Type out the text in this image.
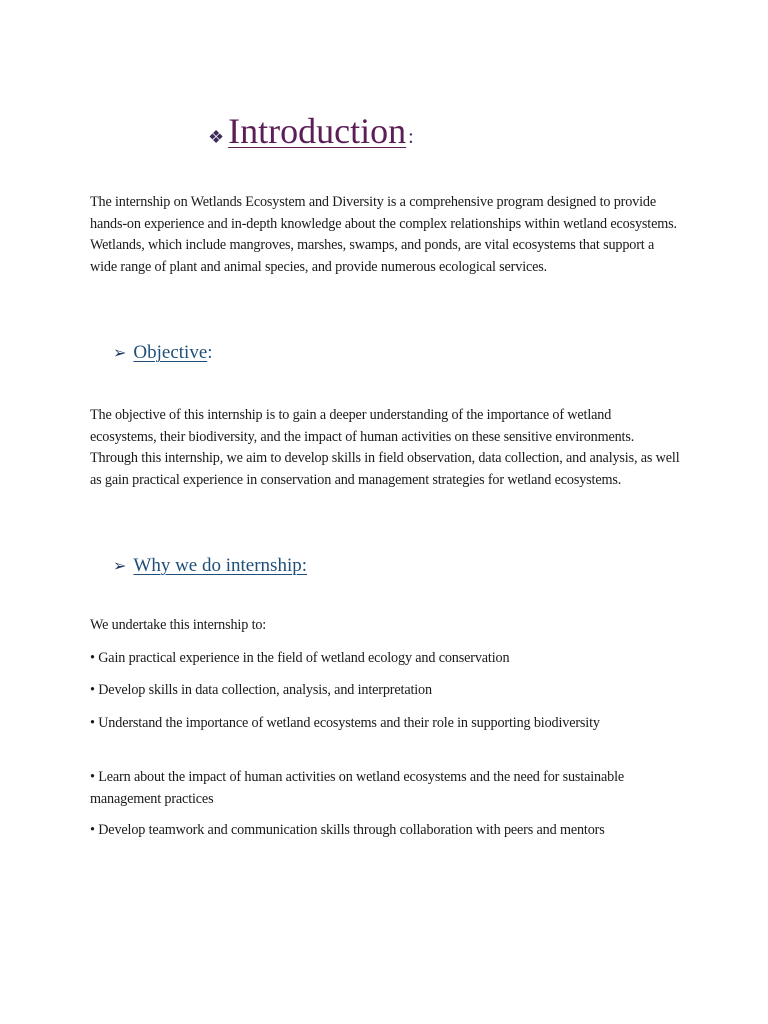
❖ Introduction :

The internship on Wetlands Ecosystem and Diversity is a comprehensive program designed to provide hands-on experience and in-depth knowledge about the complex relationships within wetland ecosystems. Wetlands, which include mangroves, marshes, swamps, and ponds, are vital ecosystems that support a wide range of plant and animal species, and provide numerous ecological services.

➢ Objective :

The objective of this internship is to gain a deeper understanding of the importance of wetland ecosystems, their biodiversity, and the impact of human activities on these sensitive environments. Through this internship, we aim to develop skills in field observation, data collection, and analysis, as well as gain practical experience in conservation and management strategies for wetland ecosystems.

➢ Why we do internship:

We undertake this internship to:

• Gain practical experience in the field of wetland ecology and conservation

• Develop skills in data collection, analysis, and interpretation

• Understand the importance of wetland ecosystems and their role in supporting biodiversity

• Learn about the impact of human activities on wetland ecosystems and the need for sustainable management practices

• Develop teamwork and communication skills through collaboration with peers and mentors
